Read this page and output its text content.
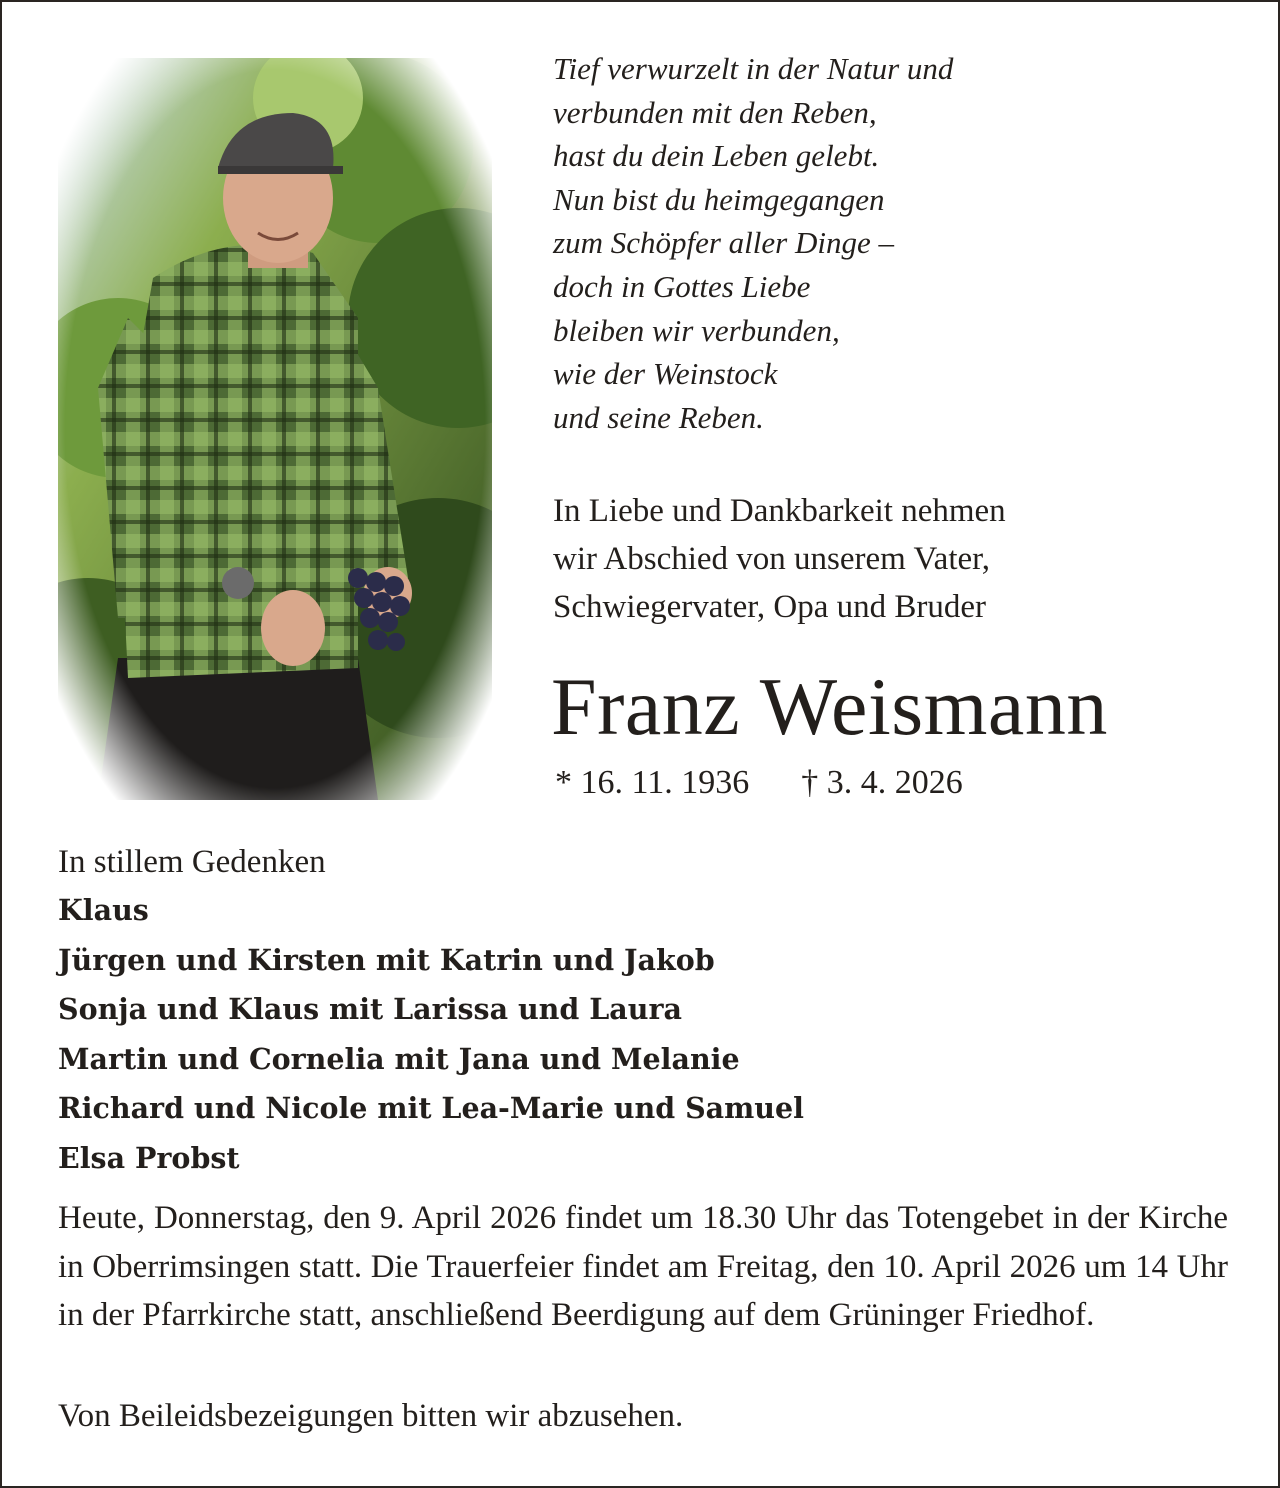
Tief verwurzelt in der Natur und
verbunden mit den Reben,
hast du dein Leben gelebt.
Nun bist du heimgegangen
zum Schöpfer aller Dinge –
doch in Gottes Liebe
bleiben wir verbunden,
wie der Weinstock
und seine Reben.
In Liebe und Dankbarkeit nehmen
wir Abschied von unserem Vater,
Schwiegervater, Opa und Bruder
Franz Weismann
* 16. 11. 1936 † 3. 4. 2026
In stillem Gedenken
Klaus
Jürgen und Kirsten mit Katrin und Jakob
Sonja und Klaus mit Larissa und Laura
Martin und Cornelia mit Jana und Melanie
Richard und Nicole mit Lea-Marie und Samuel
Elsa Probst

Heute, Donnerstag, den 9. April 2026 findet um 18.30 Uhr das Totengebet in der Kirche in Oberrimsingen statt. Die Trauerfeier findet am Freitag, den 10. April 2026 um 14 Uhr in der Pfarrkirche statt, anschließend Beerdigung auf dem Grüninger Friedhof.

Von Beileidsbezeigungen bitten wir abzusehen.
